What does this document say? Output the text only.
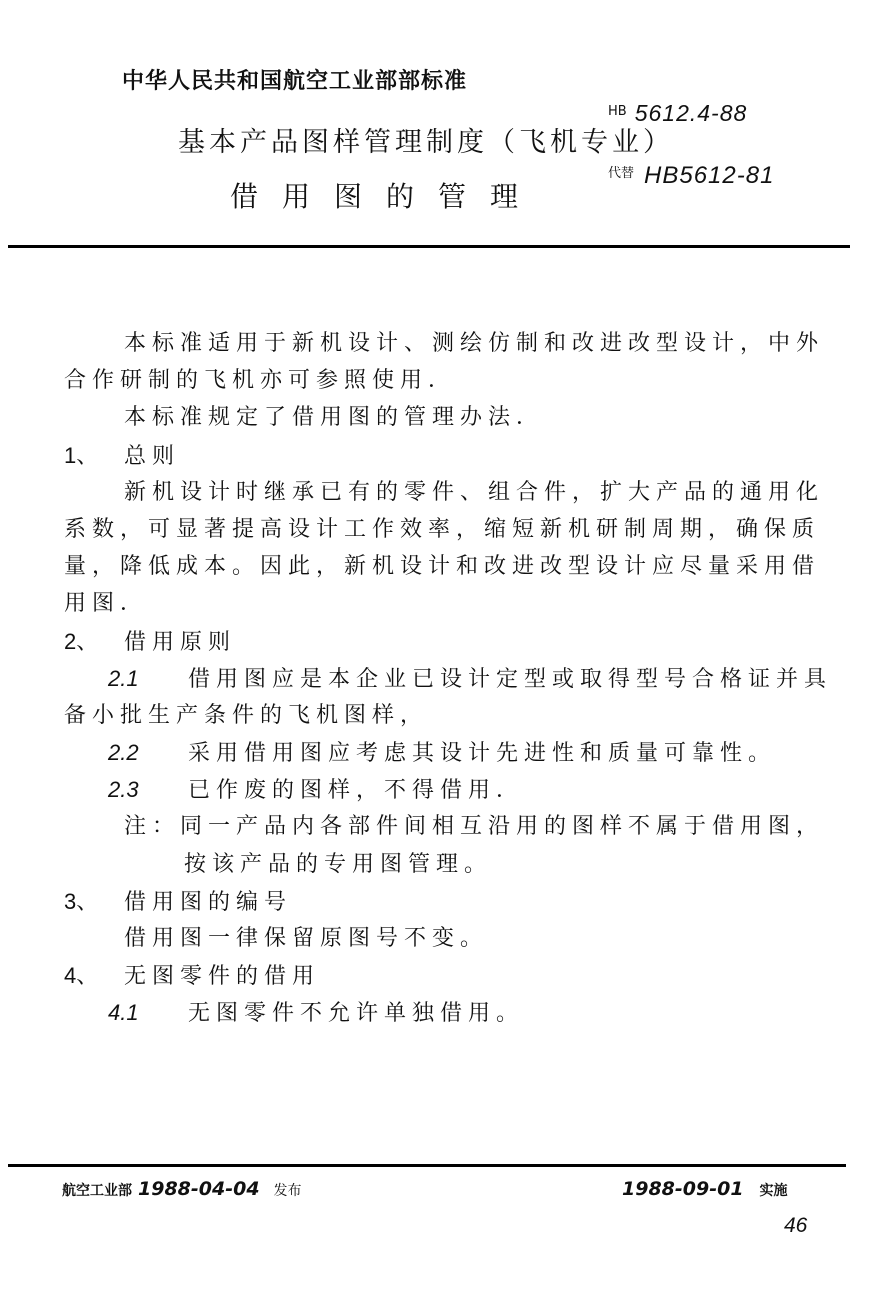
中华人民共和国航空工业部部标准
基本产品图样管理制度（飞机专业）
借用图的管理
$^{HB}$ 5612.4-88
$^{代替}$ HB5612-81
本标准适用于新机设计、测绘仿制和改进改型设计，中外
合作研制的飞机亦可参照使用．
本标准规定了借用图的管理办法．
1、 总则
新机设计时继承已有的零件、组合件，扩大产品的通用化
系数，可显著提高设计工作效率，缩短新机研制周期，确保质
量，降低成本。因此，新机设计和改进改型设计应尽量采用借
用图．
2、 借用原则
2.1 借用图应是本企业已设计定型或取得型号合格证并具
备小批生产条件的飞机图样，
2.2 采用借用图应考虑其设计先进性和质量可靠性。
2.3 已作废的图样，不得借用．
注：同一产品内各部件间相互沿用的图样不属于借用图，
按该产品的专用图管理。
3、 借用图的编号
借用图一律保留原图号不变。
4、 无图零件的借用
4.1 无图零件不允许单独借用。
航空工业部 1988-04-04 发布	1988-09-01 实施
46
